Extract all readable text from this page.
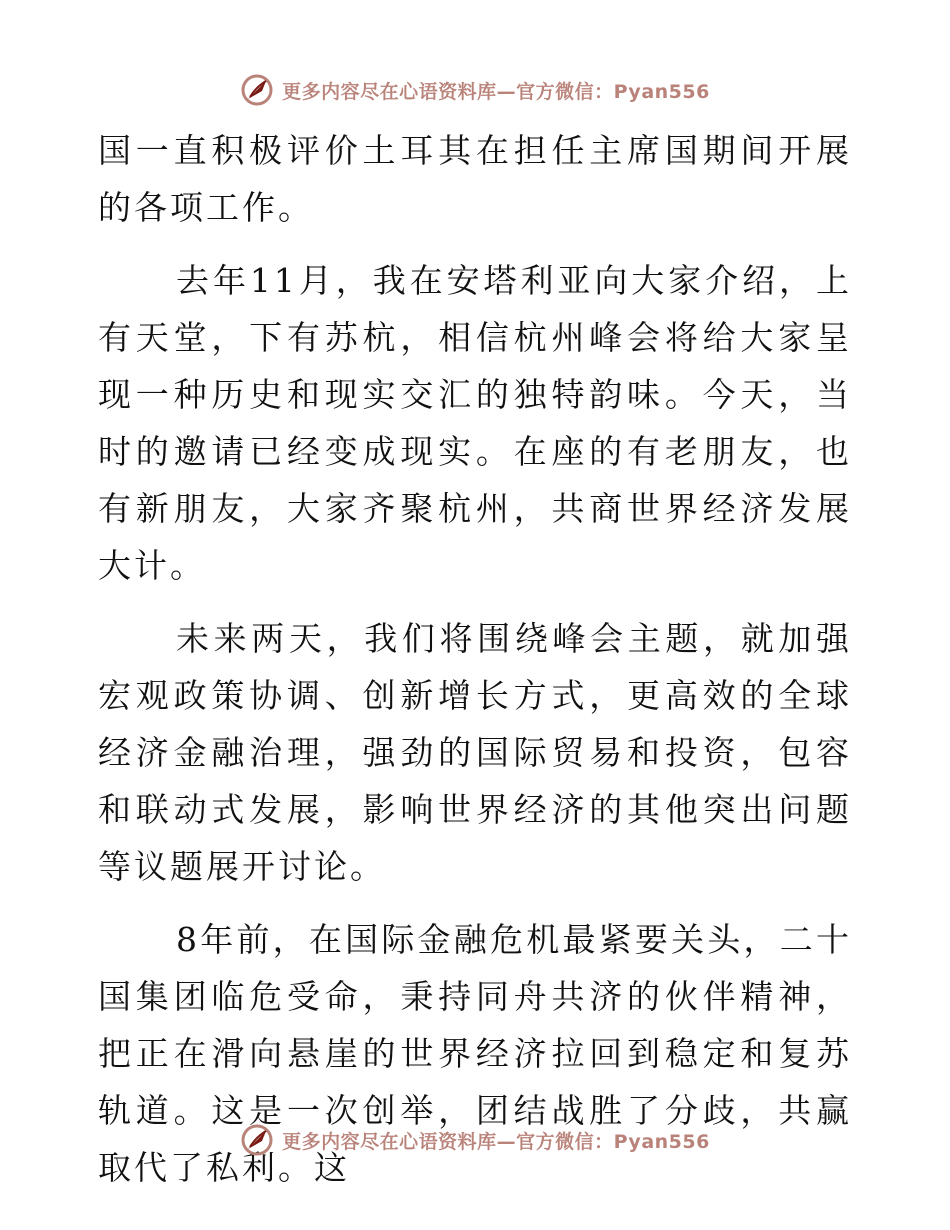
更多内容尽在心语资料库—官方微信：Pyan556

国一直积极评价土耳其在担任主席国期间开展的各项工作。

去年11月，我在安塔利亚向大家介绍，上有天堂，下有苏杭，相信杭州峰会将给大家呈现一种历史和现实交汇的独特韵味。今天，当时的邀请已经变成现实。在座的有老朋友，也有新朋友，大家齐聚杭州，共商世界经济发展大计。

未来两天，我们将围绕峰会主题，就加强宏观政策协调、创新增长方式，更高效的全球经济金融治理，强劲的国际贸易和投资，包容和联动式发展，影响世界经济的其他突出问题等议题展开讨论。

8年前，在国际金融危机最紧要关头，二十国集团临危受命，秉持同舟共济的伙伴精神，把正在滑向悬崖的世界经济拉回到稳定和复苏轨道。这是一次创举，团结战胜了分歧，共赢取代了私利。这

更多内容尽在心语资料库—官方微信：Pyan556
